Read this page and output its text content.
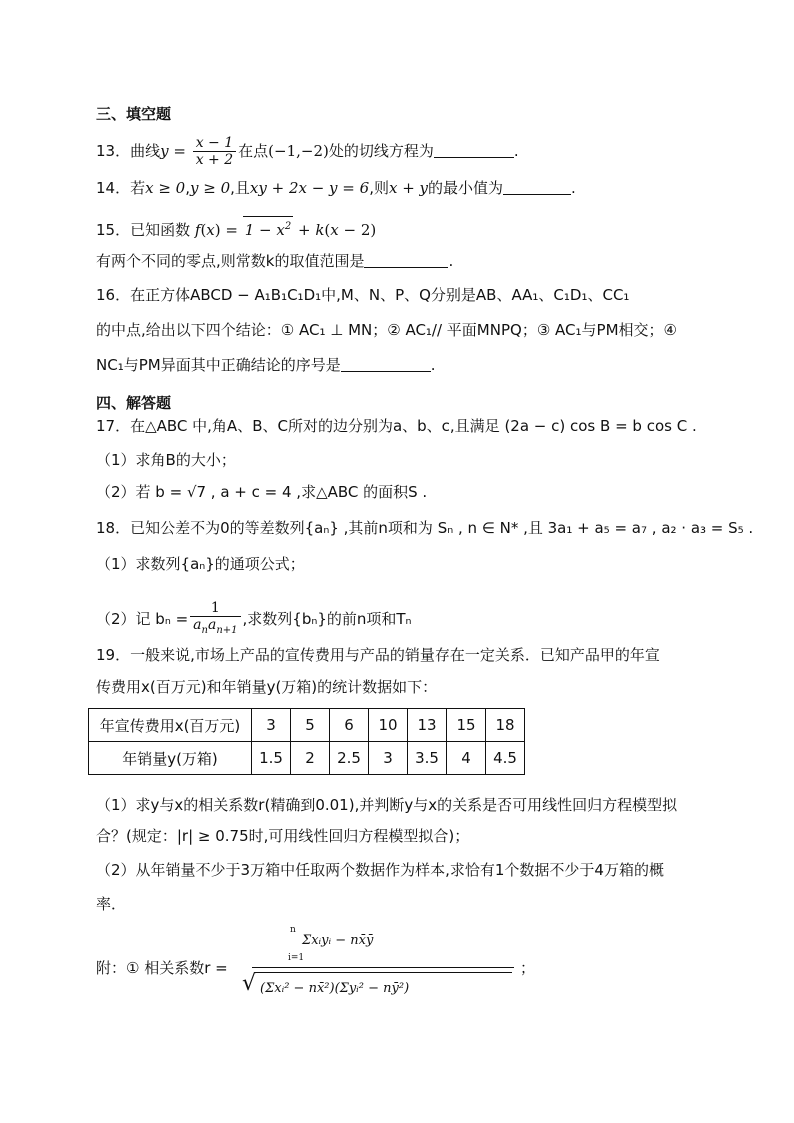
三、填空题
13．曲线$y = \frac{x - 1}{x + 2}$ 在点(−1,−2)处的切线方程为	.
14．若x ≥ 0,y ≥ 0,且xy + 2x − y = 6,则x + y的最小值为	.
15．已知函数 $f(x) = 1 - x^2 + k(x - 2)$
有两个不同的零点,则常数k的取值范围是	.
16．在正方体ABCD − A₁B₁C₁D₁中,M、N、P、Q分别是AB、AA₁、C₁D₁、CC₁
的中点,给出以下四个结论：① AC₁ ⊥ MN；② AC₁// 平面MNPQ；③ AC₁与PM相交；④
NC₁与PM异面其中正确结论的序号是	.
四、解答题
17．在△ABC 中,角A、B、C所对的边分别为a、b、c,且满足 (2a − c) cos B = b cos C .
（1）求角B的大小；
（2）若 b = √7 , a + c = 4 ,求△ABC 的面积S .
18．已知公差不为0的等差数列{aₙ} ,其前n项和为 Sₙ , n ∈ N* ,且 3a₁ + a₅ = a₇ , a₂ · a₃ = S₅ .
（1）求数列{aₙ}的通项公式；
（2）记 $b_n = \frac{1}{a_na_{n+1}}$ ,求数列{bₙ}的前n项和Tₙ
19．一般来说,市场上产品的宣传费用与产品的销量存在一定关系．已知产品甲的年宣
传费用x(百万元)和年销量y(万箱)的统计数据如下：
年宣传费用x(百万元)	3	5	6	10	13	15	18
年销量y(万箱)	1.5	2	2.5	3	3.5	4	4.5
（1）求y与x的相关系数r(精确到0.01),并判断y与x的关系是否可用线性回归方程模型拟
合？(规定：|r| ≥ 0.75时,可用线性回归方程模型拟合)；
（2）从年销量不少于3万箱中任取两个数据作为样本,求恰有1个数据不少于4万箱的概
率．
附：① 相关系数r =
n
Σxᵢyᵢ − nx̄ȳ
i=1
√ (Σxᵢ² − nx̄²)(Σyᵢ² − nȳ²)
；
